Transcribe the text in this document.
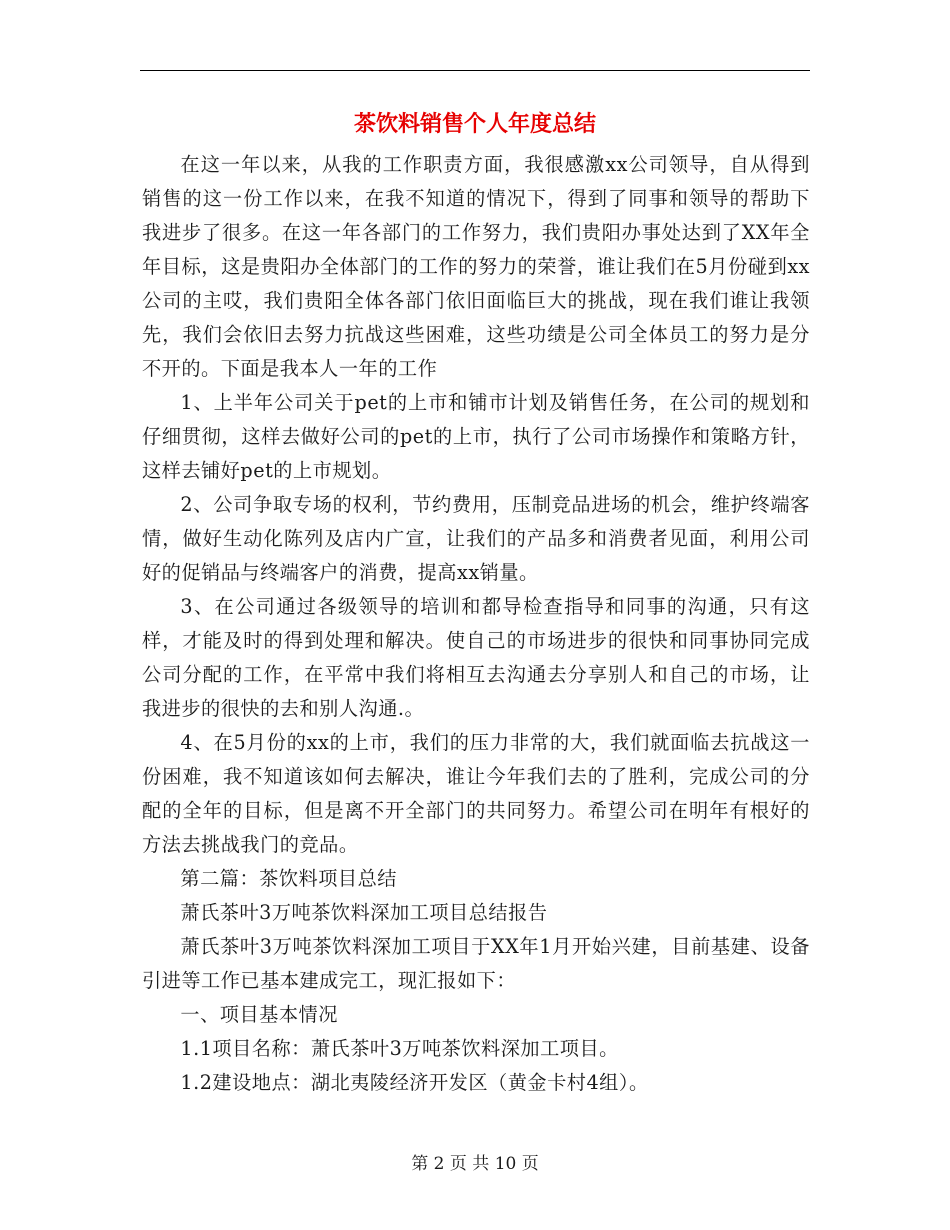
茶饮料销售个人年度总结

在这一年以来，从我的工作职责方面，我很感激xx公司领导，自从得到销售的这一份工作以来，在我不知道的情况下，得到了同事和领导的帮助下我进步了很多。在这一年各部门的工作努力，我们贵阳办事处达到了XX年全年目标，这是贵阳办全体部门的工作的努力的荣誉，谁让我们在5月份碰到xx公司的主哎，我们贵阳全体各部门依旧面临巨大的挑战，现在我们谁让我领先，我们会依旧去努力抗战这些困难，这些功绩是公司全体员工的努力是分不开的。下面是我本人一年的工作

1、上半年公司关于pet的上市和铺市计划及销售任务，在公司的规划和仔细贯彻，这样去做好公司的pet的上市，执行了公司市场操作和策略方针，这样去铺好pet的上市规划。

2、公司争取专场的权利，节约费用，压制竞品进场的机会，维护终端客情，做好生动化陈列及店内广宣，让我们的产品多和消费者见面，利用公司好的促销品与终端客户的消费，提高xx销量。

3、在公司通过各级领导的培训和都导检查指导和同事的沟通，只有这样，才能及时的得到处理和解决。使自己的市场进步的很快和同事协同完成公司分配的工作，在平常中我们将相互去沟通去分享别人和自己的市场，让我进步的很快的去和别人沟通.。

4、在5月份的xx的上市，我们的压力非常的大，我们就面临去抗战这一份困难，我不知道该如何去解决，谁让今年我们去的了胜利，完成公司的分配的全年的目标，但是离不开全部门的共同努力。希望公司在明年有根好的方法去挑战我门的竞品。

第二篇：茶饮料项目总结

萧氏茶叶3万吨茶饮料深加工项目总结报告

萧氏茶叶3万吨茶饮料深加工项目于XX年1月开始兴建，目前基建、设备引进等工作已基本建成完工，现汇报如下：

一、项目基本情况

1.1项目名称：萧氏茶叶3万吨茶饮料深加工项目。

1.2建设地点：湖北夷陵经济开发区（黄金卡村4组）。

第 2 页 共 10 页
